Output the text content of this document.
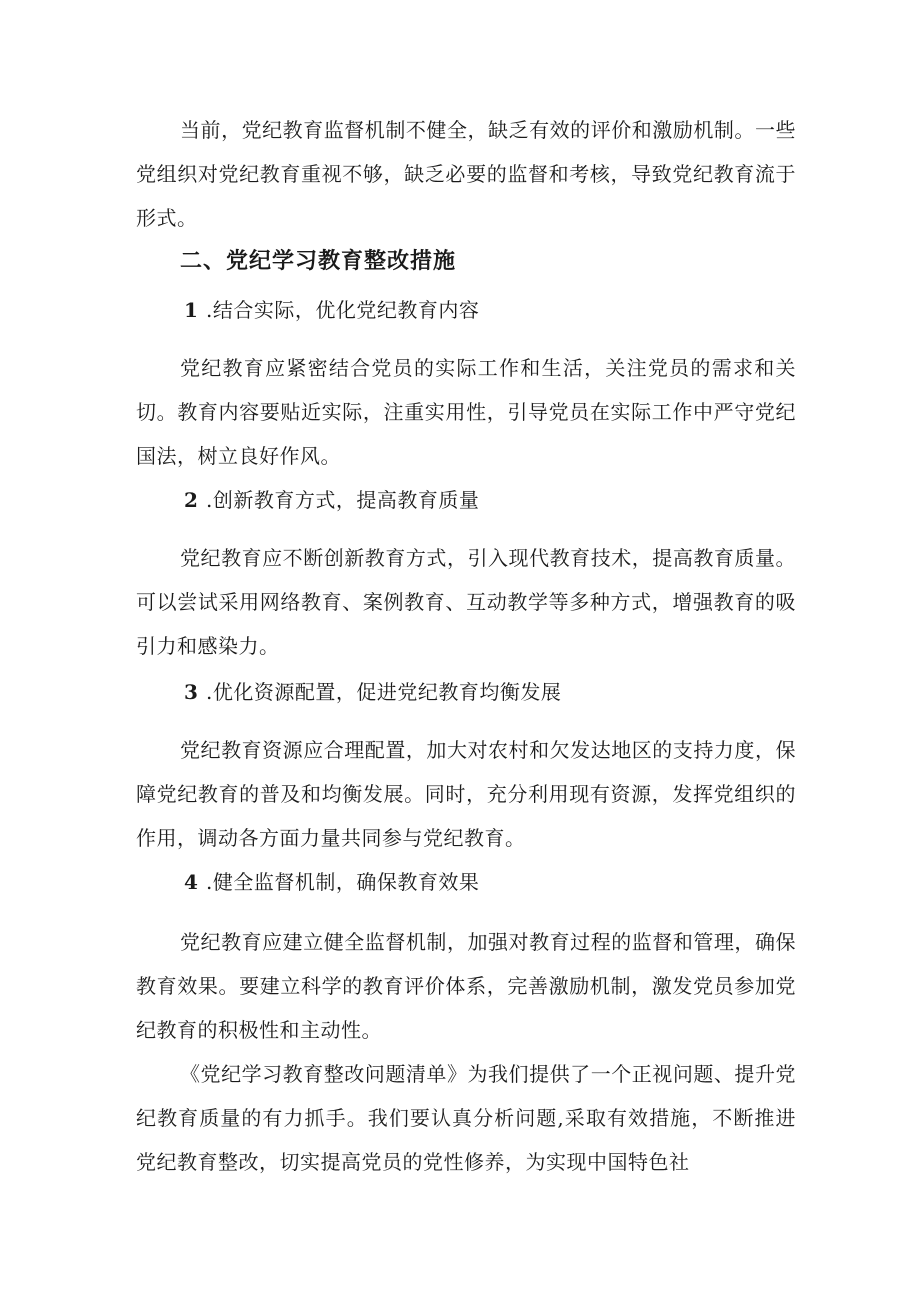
当前，党纪教育监督机制不健全，缺乏有效的评价和激励机制。一些党组织对党纪教育重视不够，缺乏必要的监督和考核，导致党纪教育流于形式。

二、党纪学习教育整改措施
1 .结合实际，优化党纪教育内容

党纪教育应紧密结合党员的实际工作和生活，关注党员的需求和关切。教育内容要贴近实际，注重实用性，引导党员在实际工作中严守党纪国法，树立良好作风。

2 .创新教育方式，提高教育质量

党纪教育应不断创新教育方式，引入现代教育技术，提高教育质量。可以尝试采用网络教育、案例教育、互动教学等多种方式，增强教育的吸引力和感染力。

3 .优化资源配置，促进党纪教育均衡发展

党纪教育资源应合理配置，加大对农村和欠发达地区的支持力度，保障党纪教育的普及和均衡发展。同时，充分利用现有资源，发挥党组织的作用，调动各方面力量共同参与党纪教育。

4 .健全监督机制，确保教育效果

党纪教育应建立健全监督机制，加强对教育过程的监督和管理，确保教育效果。要建立科学的教育评价体系，完善激励机制，激发党员参加党纪教育的积极性和主动性。

《党纪学习教育整改问题清单》为我们提供了一个正视问题、提升党纪教育质量的有力抓手。我们要认真分析问题,采取有效措施，不断推进党纪教育整改，切实提高党员的党性修养，为实现中国特色社
